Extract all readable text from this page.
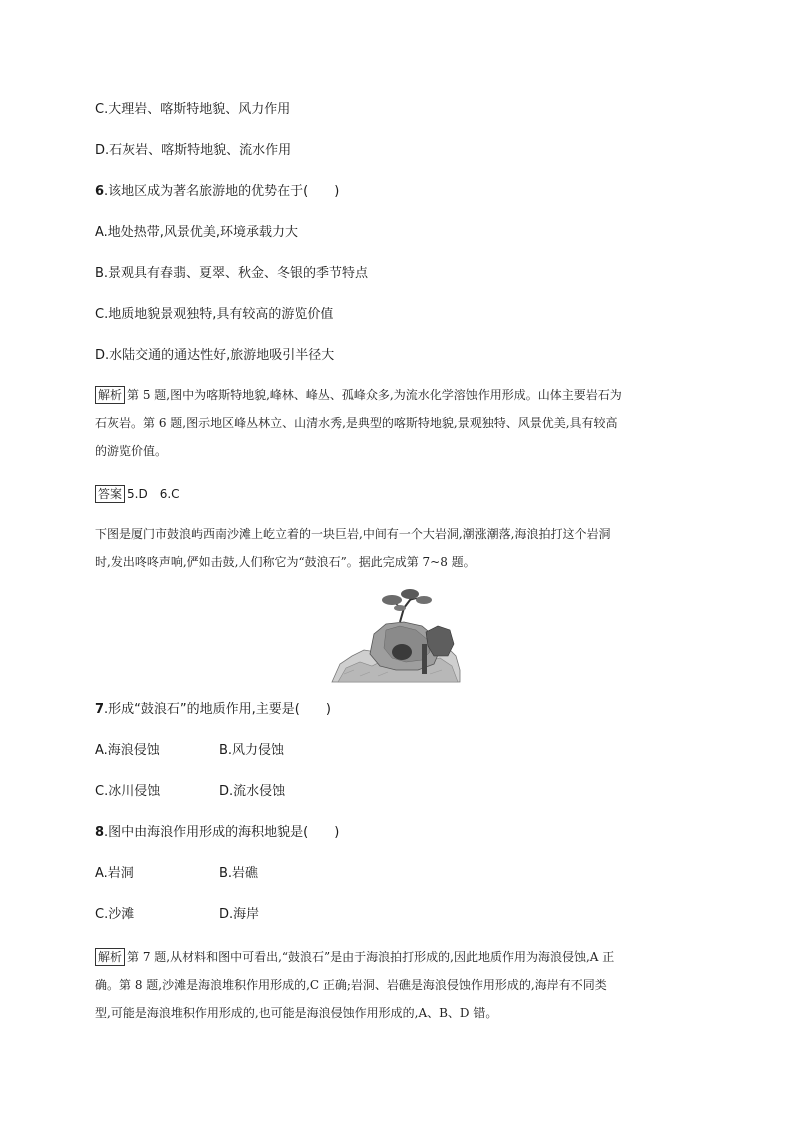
C.大理岩、喀斯特地貌、风力作用
D.石灰岩、喀斯特地貌、流水作用
6.该地区成为著名旅游地的优势在于(　　)
A.地处热带,风景优美,环境承载力大
B.景观具有春翡、夏翠、秋金、冬银的季节特点
C.地质地貌景观独特,具有较高的游览价值
D.水陆交通的通达性好,旅游地吸引半径大
解析 第 5 题,图中为喀斯特地貌,峰林、峰丛、孤峰众多,为流水化学溶蚀作用形成。山体主要岩石为
石灰岩。第 6 题,图示地区峰丛林立、山清水秀,是典型的喀斯特地貌,景观独特、风景优美,具有较高
的游览价值。
答案 5.D　6.C
下图是厦门市鼓浪屿西南沙滩上屹立着的一块巨岩,中间有一个大岩洞,潮涨潮落,海浪拍打这个岩洞
时,发出咚咚声响,俨如击鼓,人们称它为“鼓浪石”。据此完成第 7~8 题。
7.形成“鼓浪石”的地质作用,主要是(　　)
A.海浪侵蚀	B.风力侵蚀
C.冰川侵蚀	D.流水侵蚀
8.图中由海浪作用形成的海积地貌是(　　)
A.岩洞	B.岩礁
C.沙滩	D.海岸
解析 第 7 题,从材料和图中可看出,“鼓浪石”是由于海浪拍打形成的,因此地质作用为海浪侵蚀,A 正
确。第 8 题,沙滩是海浪堆积作用形成的,C 正确;岩洞、岩礁是海浪侵蚀作用形成的,海岸有不同类
型,可能是海浪堆积作用形成的,也可能是海浪侵蚀作用形成的,A、B、D 错。
